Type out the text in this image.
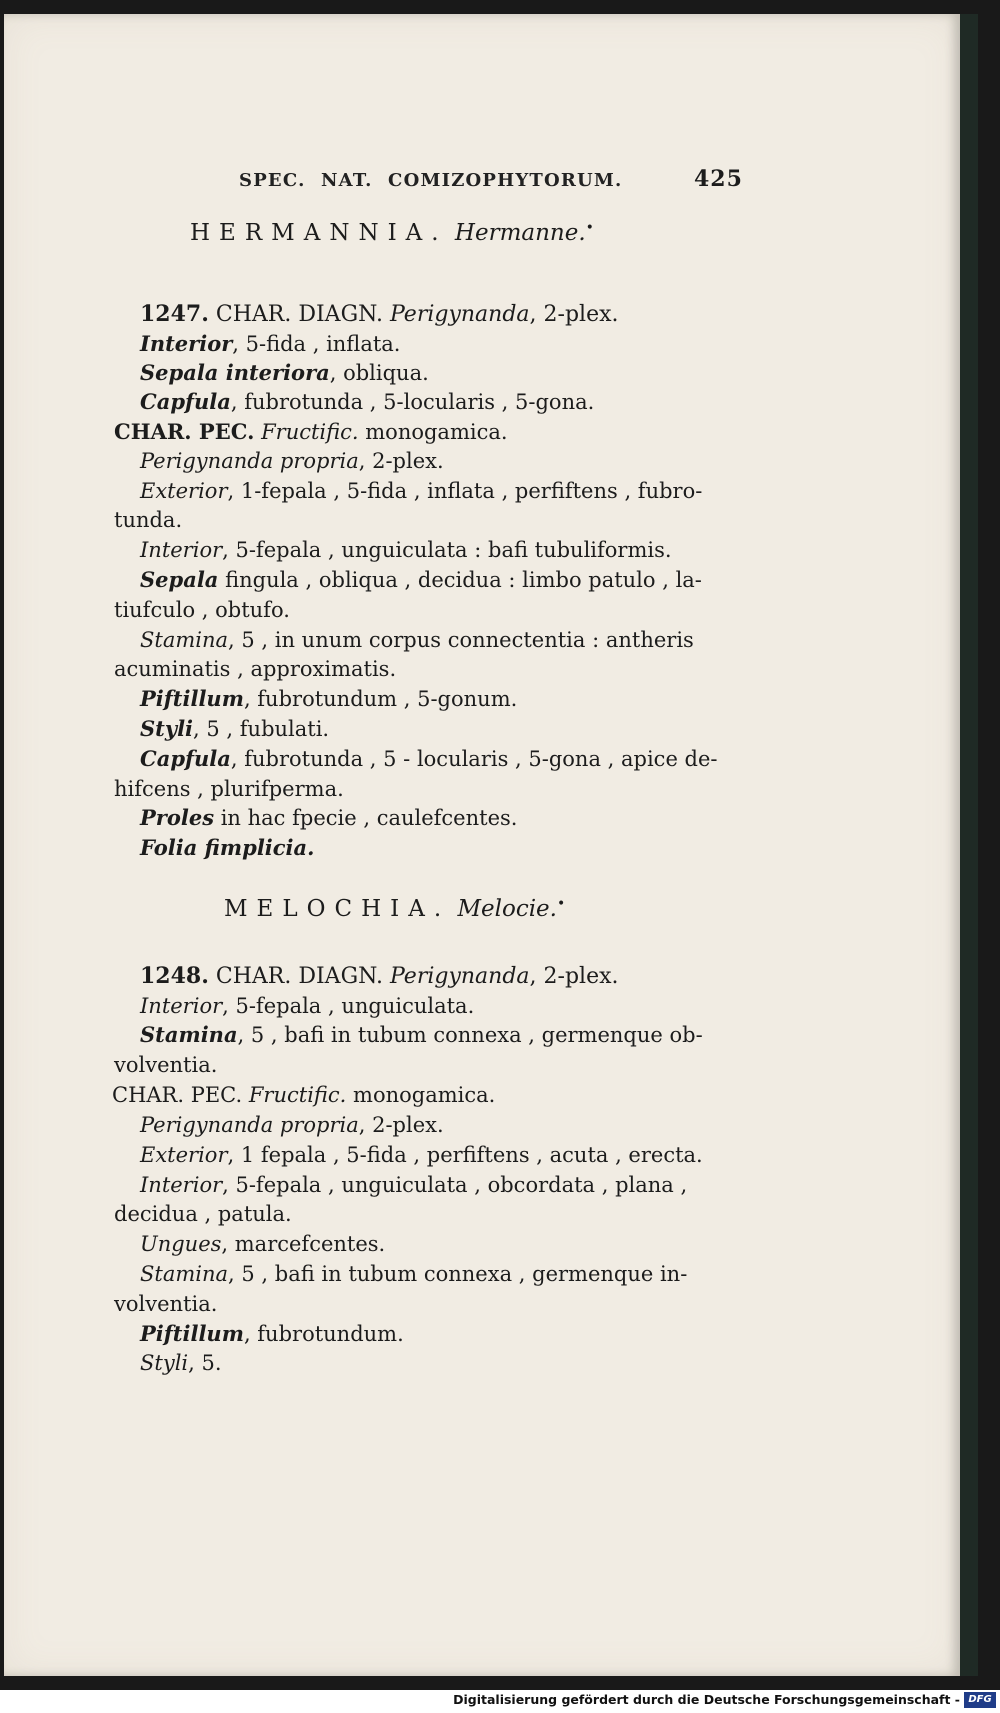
SPEC. NAT. COMIZOPHYTORUM.	425
HERMANNIA. Hermanne.•
1247. CHAR. DIAGN. Perigynanda, 2-plex.
Interior, 5-fida , inflata.
Sepala interiora, obliqua.
Capfula, fubrotunda , 5-locularis , 5-gona.
CHAR. PEC. Fructific. monogamica.
Perigynanda propria, 2-plex.
Exterior, 1-fepala , 5-fida , inflata , perfiftens , fubro-
tunda.
Interior, 5-fepala , unguiculata : bafi tubuliformis.
Sepala fingula , obliqua , decidua : limbo patulo , la-
tiufculo , obtufo.
Stamina, 5 , in unum corpus connectentia : antheris
acuminatis , approximatis.
Piftillum, fubrotundum , 5-gonum.
Styli, 5 , fubulati.
Capfula, fubrotunda , 5 - locularis , 5-gona , apice de-
hifcens , plurifperma.
Proles in hac fpecie , caulefcentes.
Folia fimplicia.
MELOCHIA. Melocie.•
1248. CHAR. DIAGN. Perigynanda, 2-plex.
Interior, 5-fepala , unguiculata.
Stamina, 5 , bafi in tubum connexa , germenque ob-
volventia.
CHAR. PEC. Fructific. monogamica.
Perigynanda propria, 2-plex.
Exterior, 1 fepala , 5-fida , perfiftens , acuta , erecta.
Interior, 5-fepala , unguiculata , obcordata , plana ,
decidua , patula.
Ungues, marcefcentes.
Stamina, 5 , bafi in tubum connexa , germenque in-
volventia.
Piftillum, fubrotundum.
Styli, 5.
Digitalisierung gefördert durch die Deutsche Forschungsgemeinschaft - DFG
